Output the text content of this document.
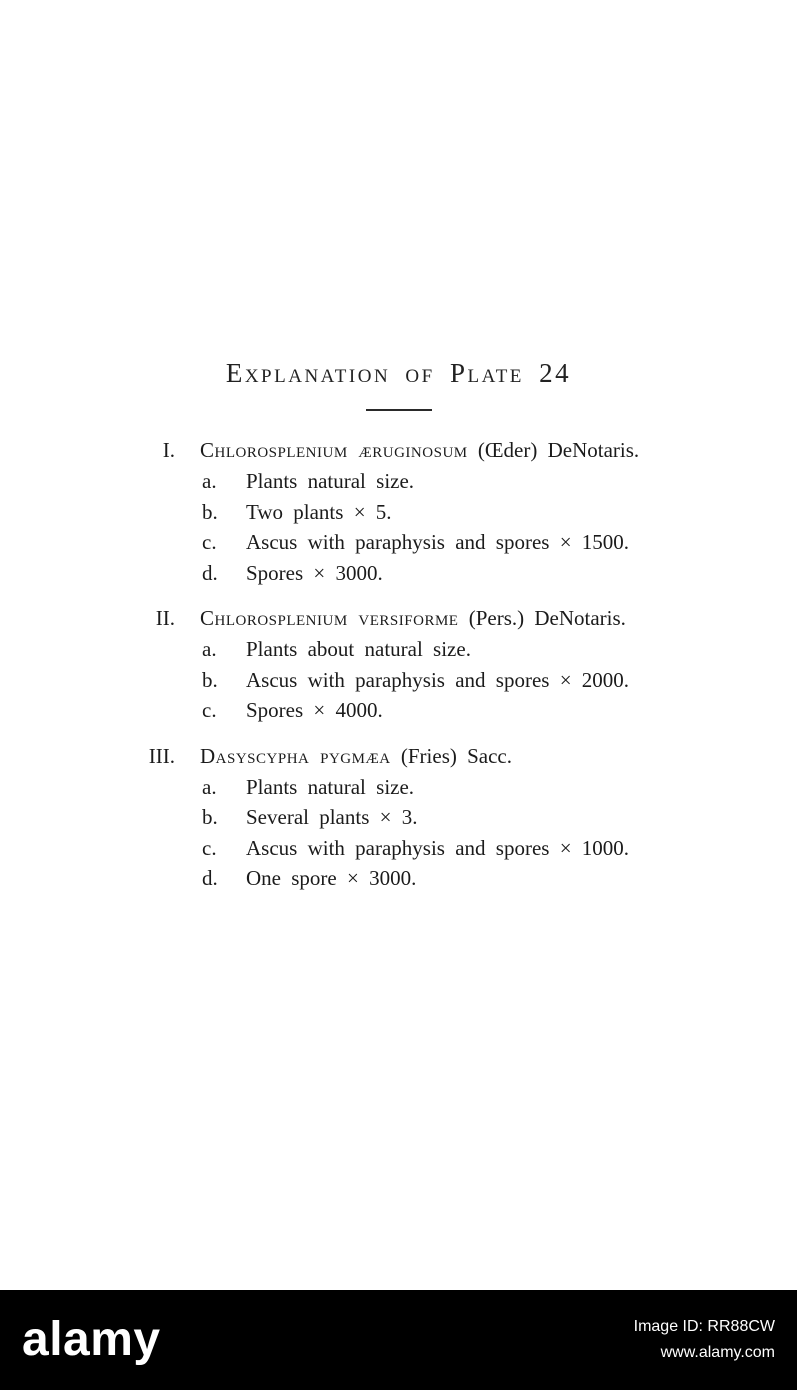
Explanation of Plate 24
I. Chlorosplenium æruginosum (Œder) DeNotaris.
a. Plants natural size.
b. Two plants × 5.
c. Ascus with paraphysis and spores × 1500.
d. Spores × 3000.
II. Chlorosplenium versiforme (Pers.) DeNotaris.
a. Plants about natural size.
b. Ascus with paraphysis and spores × 2000.
c. Spores × 4000.
III. Dasyscypha pygmæa (Fries) Sacc.
a. Plants natural size.
b. Several plants × 3.
c. Ascus with paraphysis and spores × 1000.
d. One spore × 3000.
alamy	Image ID: RR88CW
www.alamy.com
